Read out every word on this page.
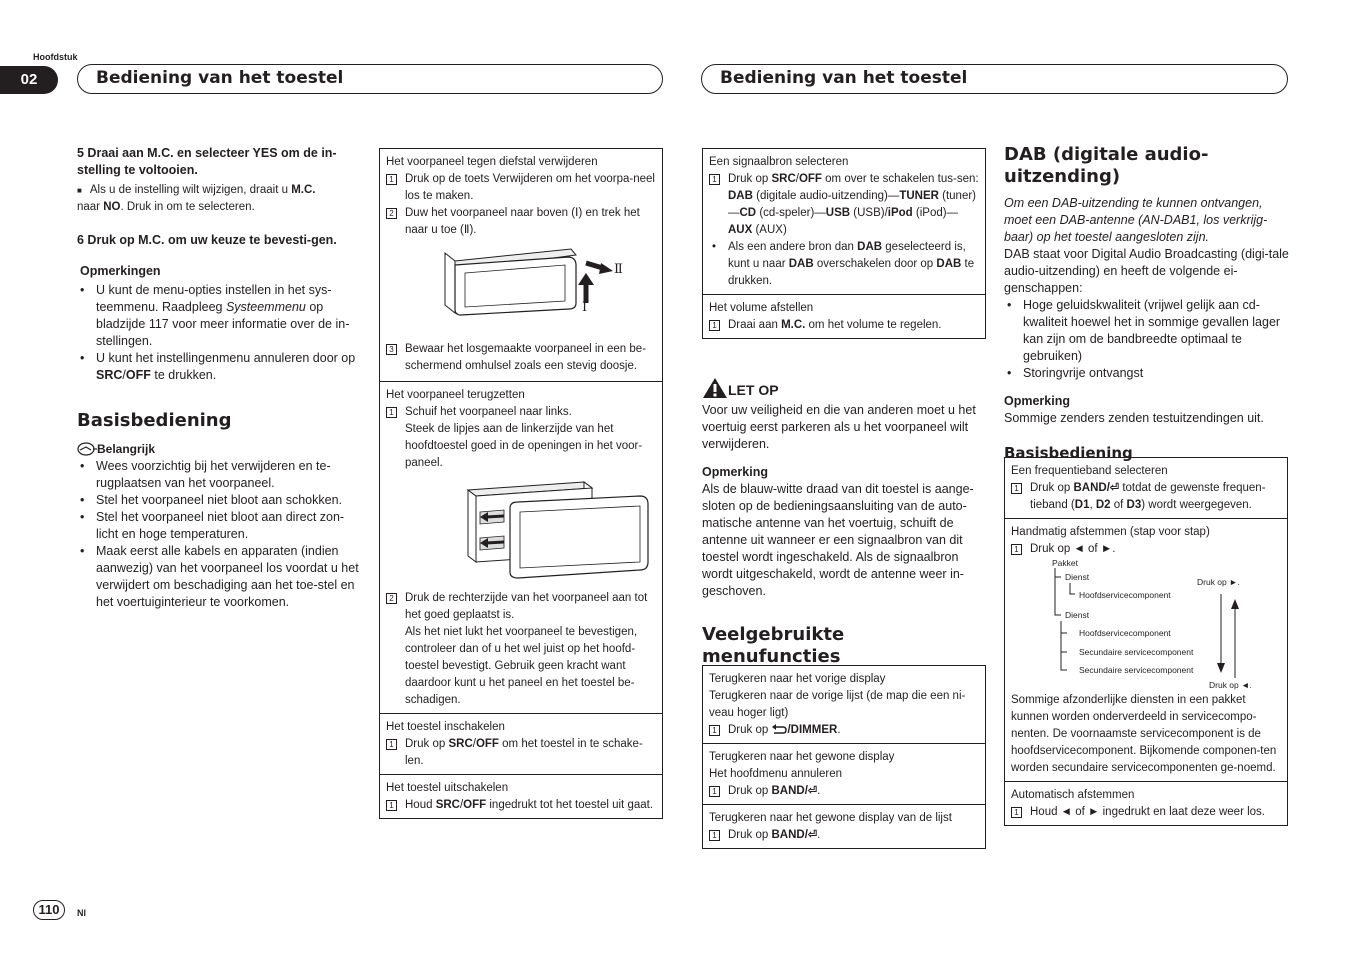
Hoofdstuk
02	Bediening van het toestel	Bediening van het toestel
5 Draai aan M.C. en selecteer YES om de in-stelling te voltooien.
■ Als u de instelling wilt wijzigen, draait u M.C.
naar NO. Druk in om te selecteren.
6 Druk op M.C. om uw keuze te bevesti-gen.
Opmerkingen
• U kunt de menu-opties instellen in het sys-teemmenu. Raadpleeg Systeemmenu op bladzijde 117 voor meer informatie over de in-stellingen.
• U kunt het instellingenmenu annuleren door op SRC/OFF te drukken.
Basisbediening
Belangrijk
• Wees voorzichtig bij het verwijderen en te-rugplaatsen van het voorpaneel.
• Stel het voorpaneel niet bloot aan schokken.
• Stel het voorpaneel niet bloot aan direct zon-licht en hoge temperaturen.
• Maak eerst alle kabels en apparaten (indien aanwezig) van het voorpaneel los voordat u het verwijdert om beschadiging aan het toe-stel en het voertuiginterieur te voorkomen.
Het voorpaneel tegen diefstal verwijderen
1 Druk op de toets Verwijderen om het voorpa-neel los te maken.
2 Duw het voorpaneel naar boven (Ⅰ) en trek het naar u toe (Ⅱ).
Ⅱ
Ⅰ
3 Bewaar het losgemaakte voorpaneel in een be-schermend omhulsel zoals een stevig doosje.
Het voorpaneel terugzetten
1 Schuif het voorpaneel naar links.
Steek de lipjes aan de linkerzijde van het hoofdtoestel goed in de openingen in het voor-paneel.
2 Druk de rechterzijde van het voorpaneel aan tot het goed geplaatst is.
Als het niet lukt het voorpaneel te bevestigen, controleer dan of u het wel juist op het hoofd-toestel bevestigt. Gebruik geen kracht want daardoor kunt u het paneel en het toestel be-schadigen.
Het toestel inschakelen
1 Druk op SRC/OFF om het toestel in te schake-len.
Het toestel uitschakelen
1 Houd SRC/OFF ingedrukt tot het toestel uit gaat.
Een signaalbron selecteren
1 Druk op SRC/OFF om over te schakelen tus-sen:
DAB (digitale audio-uitzending)—TUNER (tuner)—CD (cd-speler)—USB (USB)/iPod (iPod)—AUX (AUX)
• Als een andere bron dan DAB geselecteerd is, kunt u naar DAB overschakelen door op DAB te drukken.
Het volume afstellen
1 Draai aan M.C. om het volume te regelen.
LET OP
Voor uw veiligheid en die van anderen moet u het voertuig eerst parkeren als u het voorpaneel wilt verwijderen.
Opmerking
Als de blauw-witte draad van dit toestel is aange-sloten op de bedieningsaansluiting van de auto-matische antenne van het voertuig, schuift de antenne uit wanneer er een signaalbron van dit toestel wordt ingeschakeld. Als de signaalbron wordt uitgeschakeld, wordt de antenne weer in-geschoven.
Veelgebruikte menufuncties
Terugkeren naar het vorige display
Terugkeren naar de vorige lijst (de map die een ni-veau hoger ligt)
1 Druk op /DIMMER.
Terugkeren naar het gewone display
Het hoofdmenu annuleren
1 Druk op BAND/⏎.
Terugkeren naar het gewone display van de lijst
1 Druk op BAND/⏎.
DAB (digitale audio-uitzending)
Om een DAB-uitzending te kunnen ontvangen, moet een DAB-antenne (AN-DAB1, los verkrijg-baar) op het toestel aangesloten zijn.
DAB staat voor Digital Audio Broadcasting (digi-tale audio-uitzending) en heeft de volgende ei-genschappen:
• Hoge geluidskwaliteit (vrijwel gelijk aan cd-kwaliteit hoewel het in sommige gevallen lager kan zijn om de bandbreedte optimaal te gebruiken)
• Storingvrije ontvangst
Opmerking
Sommige zenders zenden testuitzendingen uit.
Basisbediening
Een frequentieband selecteren
1 Druk op BAND/⏎ totdat de gewenste frequen-tieband (D1, D2 of D3) wordt weergegeven.
Handmatig afstemmen (stap voor stap)
1 Druk op ◄ of ►.
Pakket
Dienst
Hoofdservicecomponent
Dienst
Hoofdservicecomponent
Secundaire servicecomponent
Secundaire servicecomponent
Druk op ►.
Druk op ◄.
Sommige afzonderlijke diensten in een pakket kunnen worden onderverdeeld in servicecompo-nenten. De voornaamste servicecomponent is de hoofdservicecomponent. Bijkomende componen-ten worden secundaire servicecomponenten ge-noemd.
Automatisch afstemmen
1 Houd ◄ of ► ingedrukt en laat deze weer los.
110	Nl
